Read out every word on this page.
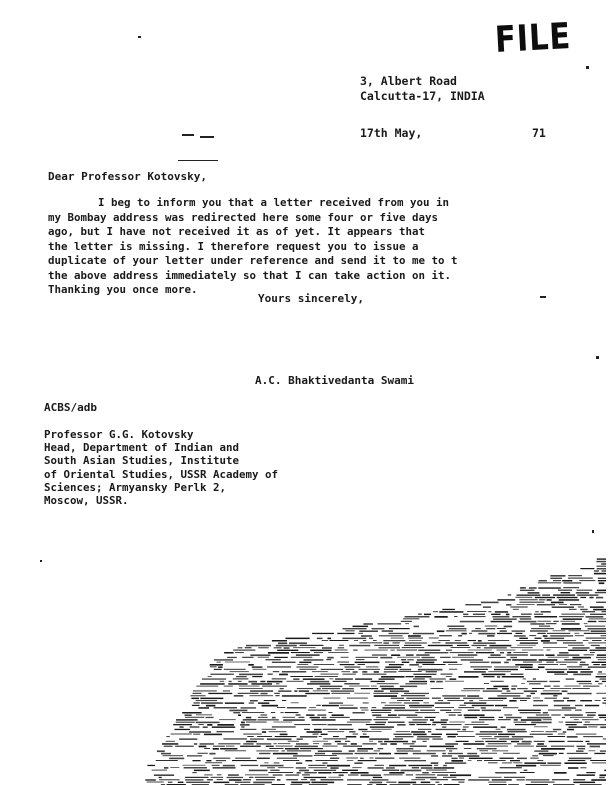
FILE
3, Albert Road
Calcutta-17, INDIA
17th May,	71
Dear Professor Kotovsky,
I beg to inform you that a letter received from you in
my Bombay address was redirected here some four or five days
ago, but I have not received it as of yet. It appears that
the letter is missing. I therefore request you to issue a
duplicate of your letter under reference and send it to me to t
the above address immediately so that I can take action on it.
Thanking you once more.
Yours sincerely,
A.C. Bhaktivedanta Swami
ACBS/adb
Professor G.G. Kotovsky
Head, Department of Indian and
South Asian Studies, Institute
of Oriental Studies, USSR Academy of
Sciences; Armyansky Perlk 2,
Moscow, USSR.
